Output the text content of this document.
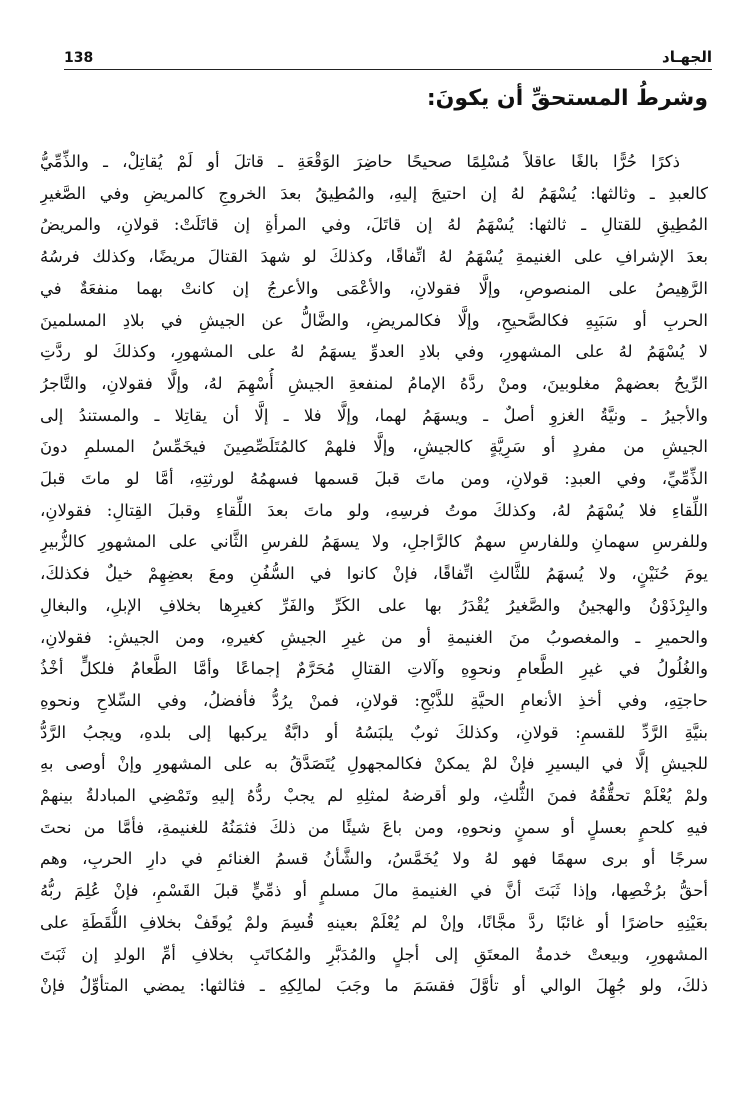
138	الجهـاد
وشرطُ المستحقِّ أن يكونَ:
ذكرًا حُرًّا بالغًا عاقلاً مُسْلِمًا صحيحًا حاضِرَ الوَقْعَةِ ـ قاتلَ أو لَمْ يُقاتِلْ، ـ والذِّمِّيُّ
كالعبدِ ـ وثالثها: يُسْهَمُ لهُ إن احتيجَ إليهِ، والمُطِيقُ بعدَ الخروجِ كالمريضِ وفي الصَّغيرِ
المُطِيقِ للقتالِ ـ ثالثها: يُسْهَمُ لهُ إن قاتَلَ، وفي المرأةِ إن قاتَلَتْ: قولانِ، والمريضُ
بعدَ الإشرافِ على الغنيمةِ يُسْهَمُ لهُ اتِّفاقًا، وكذلكَ لو شهدَ القتالَ مريضًا، وكذلك فرسُهُ
الرَّهِيصُ على المنصوصِ، وإلَّا فقولانِ، والأعْمَى والأعرجُ إن كانتْ بهما منفعَةٌ في
الحربِ أو سَبَبِهِ فكالصَّحيحِ، وإلَّا فكالمريضِ، والضَّالُّ عن الجيشِ في بلادِ المسلمينَ
لا يُسْهَمُ لهُ على المشهورِ، وفي بلادِ العدوِّ يسهَمُ لهُ على المشهورِ، وكذلكَ لو ردَّتِ
الرِّيحُ بعضهمْ مغلوبينَ، ومنْ ردَّهُ الإمامُ لمنفعةِ الجيشِ أُسْهِمَ لهُ، وإلَّا فقولانِ، والتَّاجرُ
والأجيرُ ـ ونيَّةُ الغزوِ أصلٌ ـ ويسهَمُ لهما، وإلَّا فلا ـ إلَّا أن يقاتِلا ـ والمستندُ إلى
الجيشِ من مفردٍ أو سَرِيَّةٍ كالجيشِ، وإلَّا فلهمْ كالمُتَلَصِّصِينَ فيخَمِّسُ المسلمِ دونَ
الذِّمِّيِّ، وفي العبدِ: قولانِ، ومن ماتَ قبلَ قسمها فسهمُهُ لورثتِهِ، أمَّا لو ماتَ قبلَ
اللِّقاءِ فلا يُسْهَمُ لهُ، وكذلكَ موتُ فرسِهِ، ولو ماتَ بعدَ اللِّقاءِ وقبلَ القِتالِ: فقولانِ،
وللفرسِ سهمانِ وللفارسِ سهمٌ كالرَّاجلِ، ولا يسهَمُ للفرسِ الثَّاني على المشهورِ كالزُّبيرِ
يومَ حُنَيْنٍ، ولا يُسهَمُ للثَّالثِ اتِّفاقًا، فإنْ كانوا في السُّفُنِ ومعَ بعضِهِمْ خيلٌ فكذلكَ،
والبِرْذَوْنُ والهجينُ والصَّغيرُ يُقْدَرُ بها على الكَرِّ والفَرِّ كغيرِها بخلافِ الإبلِ، والبغالِ
والحميرِ ـ والمغصوبُ منَ الغنيمةِ أو من غيرِ الجيشِ كغيرهِ، ومن الجيشِ: فقولانِ،
والغُلُولُ في غيرِ الطَّعامِ ونحوِهِ وآلاتِ القتالِ مُحَرَّمٌ إجماعًا وأمَّا الطَّعامُ فلكلٍّ أخْذُ
حاجتِهِ، وفي أخذِ الأنعامِ الحيَّةِ للذَّبْحِ: قولانِ، فمنْ يرُدُّ فأفضلُ، وفي السِّلاحِ ونحوهِ
بنيَّةِ الرَّدِّ للقسمِ: قولانِ، وكذلكَ ثوبٌ يلبَسُهُ أو دابَّةٌ يركبها إلى بلدهِ، ويجبُ الرَّدُّ
للجيشِ إلَّا في اليسيرِ فإنْ لمْ يمكنْ فكالمجهولِ يُتَصَدَّقُ به على المشهورِ وإنْ أوصى بهِ
ولمْ يُعْلَمْ تحقُّقُهُ فمنَ الثُّلثِ، ولو أقرضهُ لمثلِهِ لم يجبْ ردُّهُ إليهِ وتَمْضِي المبادلةُ بينهمْ
فيهِ كلحمٍ بعسلٍ أو سمنٍ ونحوهِ، ومن باعَ شيئًا من ذلكَ فثمَنُهُ للغنيمةِ، فأمَّا من نحتَ
سرجًا أو برى سهمًا فهو لهُ ولا يُخَمَّسُ، والشَّأنُ قسمُ الغنائمِ في دارِ الحربِ، وهم
أحقُّ برُخْصِها، وإذا ثَبَتَ أنَّ في الغنيمةِ مالَ مسلمٍ أو ذمِّيٍّ قبلَ القَسْمِ، فإنْ عُلِمَ ربُّهُ
بعَيْنِهِ حاضرًا أو غائبًا ردَّ مجَّانًا، وإنْ لم يُعْلَمْ بعينهِ قُسِمَ ولمْ يُوقَفْ بخلافِ اللُّقَطَةِ على
المشهورِ، وبيعتْ خدمةُ المعتَقِ إلى أجلٍ والمُدَبَّرِ والمُكاتَبِ بخلافِ أمِّ الولدِ إن ثَبَتَ
ذلكَ، ولو جُهِلَ الوالي أو تأوَّلَ فقسَمَ ما وجَبَ لمالِكِهِ ـ فثالثها: يمضي المتأوِّلُ فإنْ
